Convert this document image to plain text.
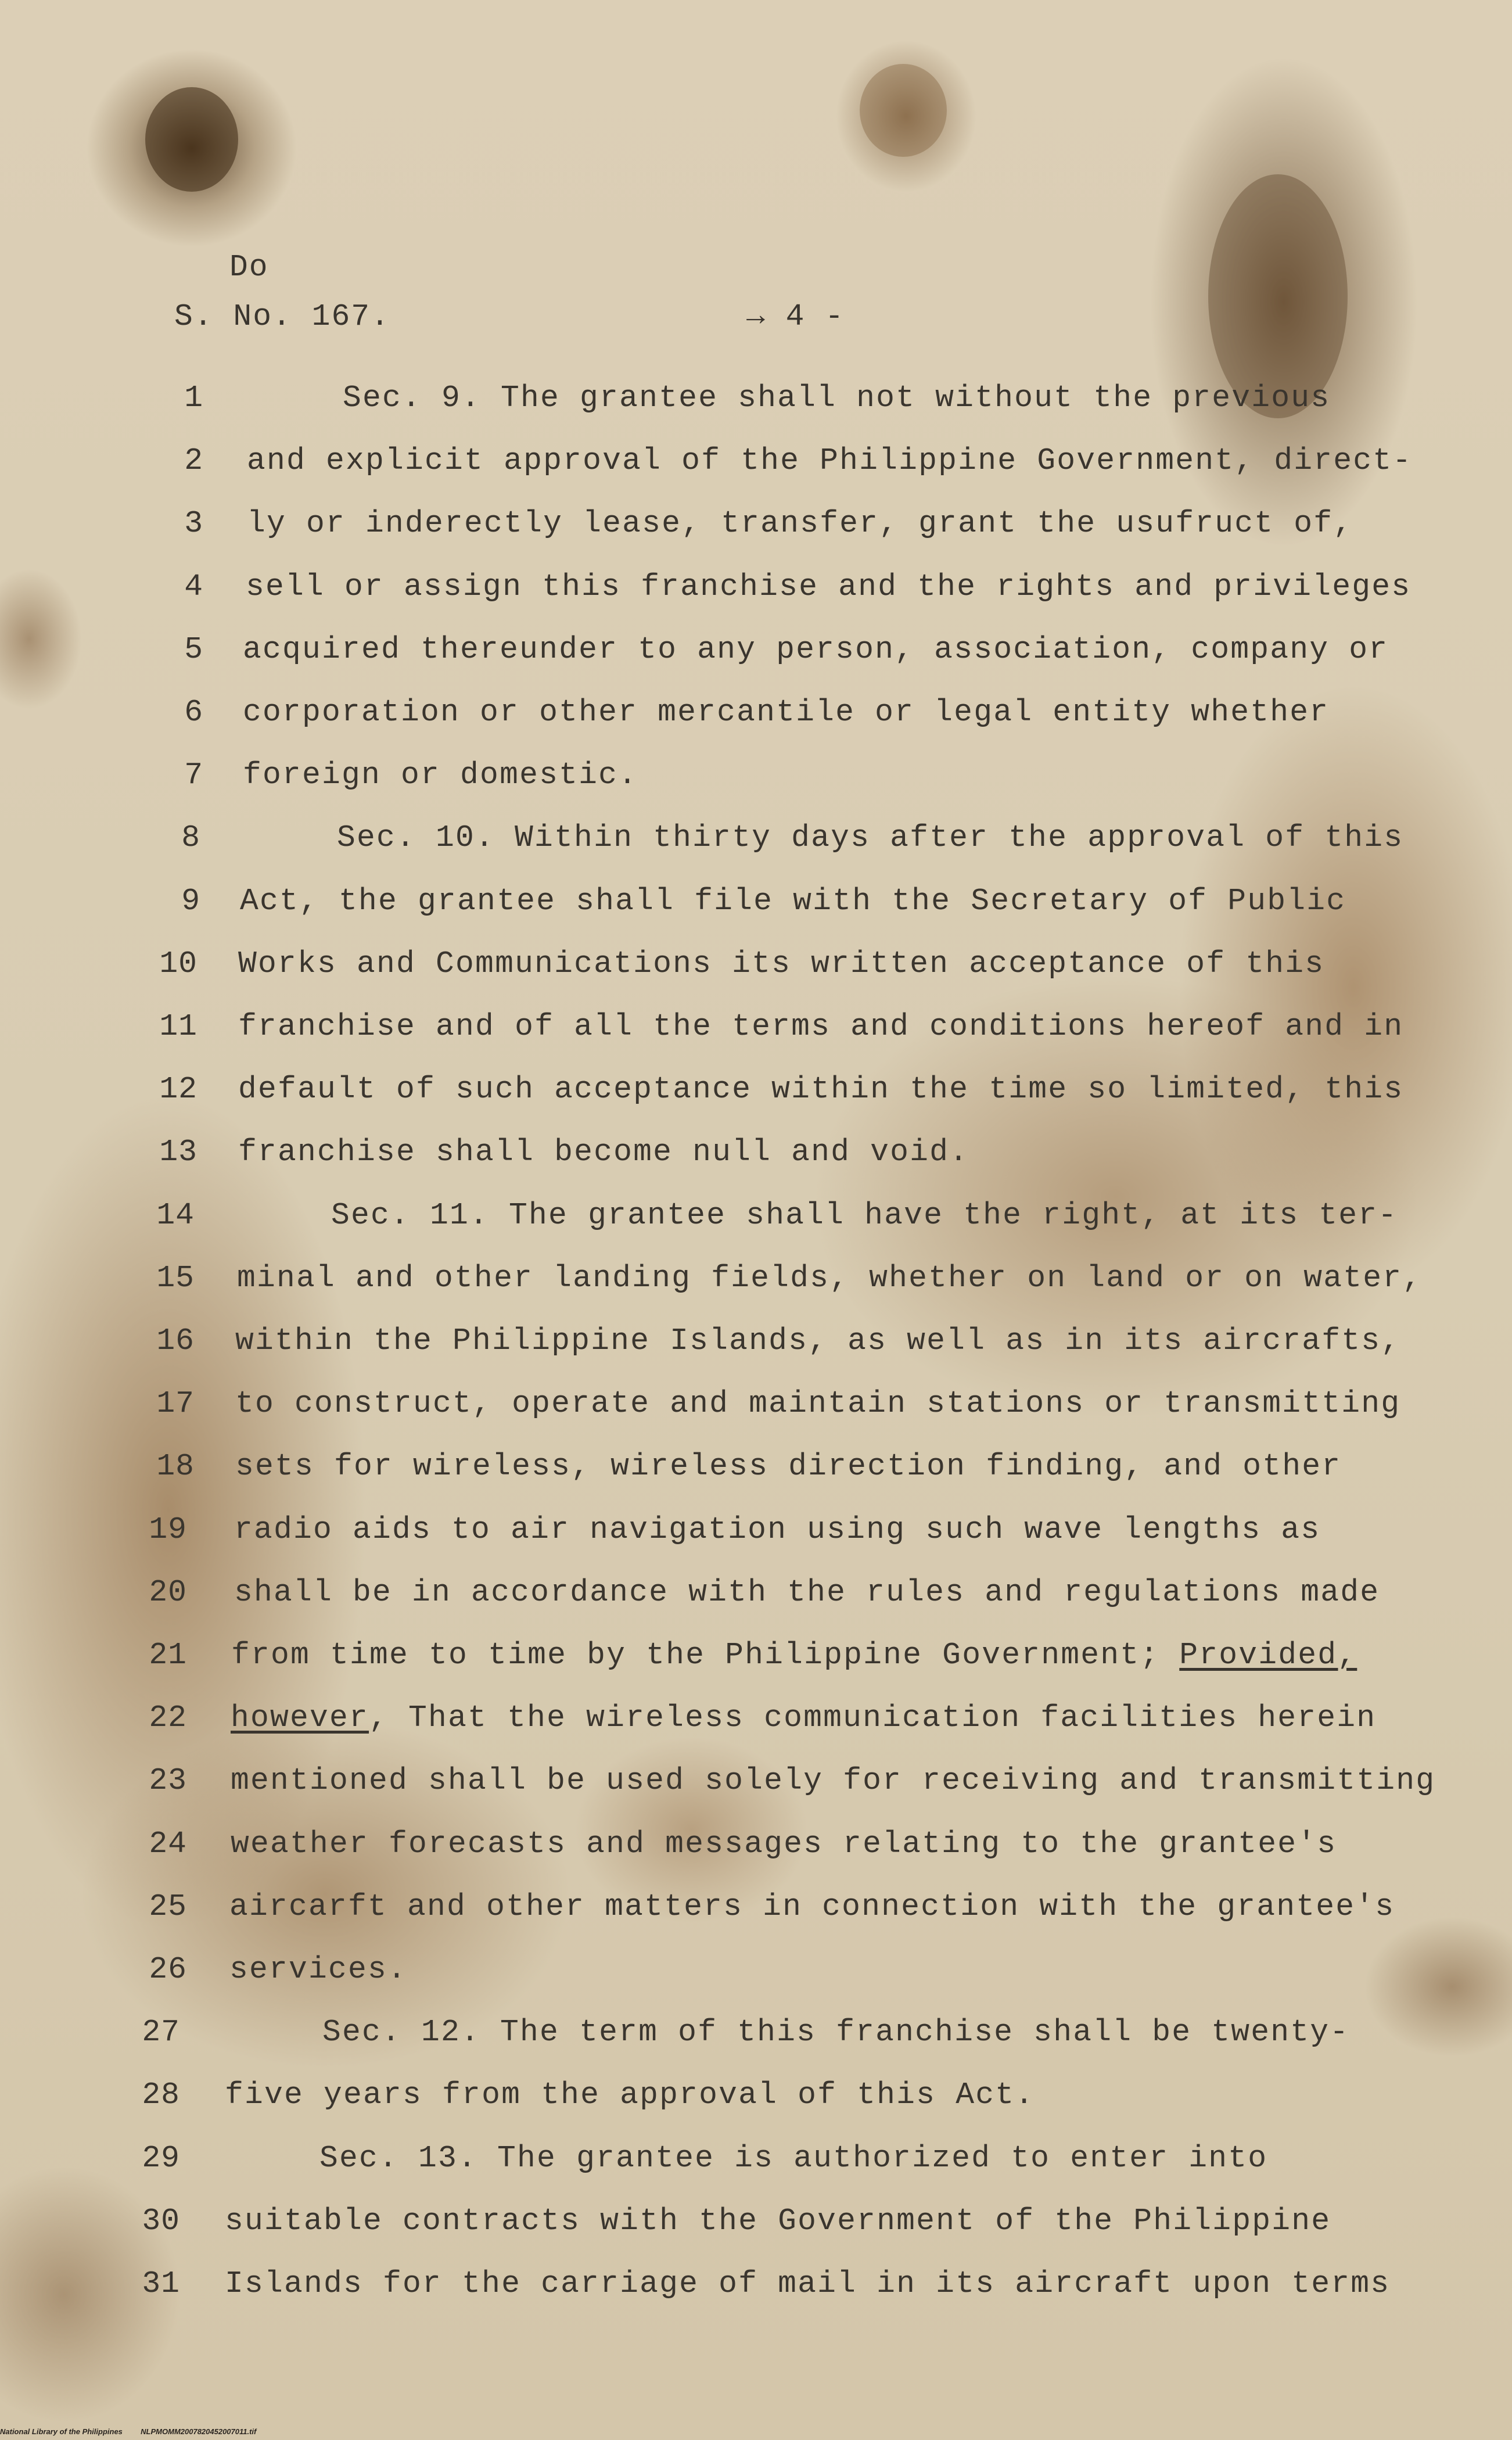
Do
S. No. 167.	→ 4 -
1	Sec. 9. The grantee shall not without the previous
2 and explicit approval of the Philippine Government, direct-
3 ly or inderectly lease, transfer, grant the usufruct of,
4 sell or assign this franchise and the rights and privileges
5 acquired thereunder to any person, association, company or
6 corporation or other mercantile or legal entity whether
7 foreign or domestic.
8	Sec. 10. Within thirty days after the approval of this
9 Act, the grantee shall file with the Secretary of Public
10 Works and Communications its written acceptance of this
11 franchise and of all the terms and conditions hereof and in
12 default of such acceptance within the time so limited, this
13 franchise shall become null and void.
14	Sec. 11. The grantee shall have the right, at its ter-
15 minal and other landing fields, whether on land or on water,
16 within the Philippine Islands, as well as in its aircrafts,
17 to construct, operate and maintain stations or transmitting
18 sets for wireless, wireless direction finding, and other
19 radio aids to air navigation using such wave lengths as
20 shall be in accordance with the rules and regulations made
21 from time to time by the Philippine Government; Provided,
22 however, That the wireless communication facilities herein
23 mentioned shall be used solely for receiving and transmitting
24 weather forecasts and messages relating to the grantee's
25 aircarft and other matters in connection with the grantee's
26 services.
27	Sec. 12. The term of this franchise shall be twenty-
28 five years from the approval of this Act.
29	Sec. 13. The grantee is authorized to enter into
30 suitable contracts with the Government of the Philippine
31 Islands for the carriage of mail in its aircraft upon terms
National Library of the Philippines NLPMOMM2007820452007011.tif
